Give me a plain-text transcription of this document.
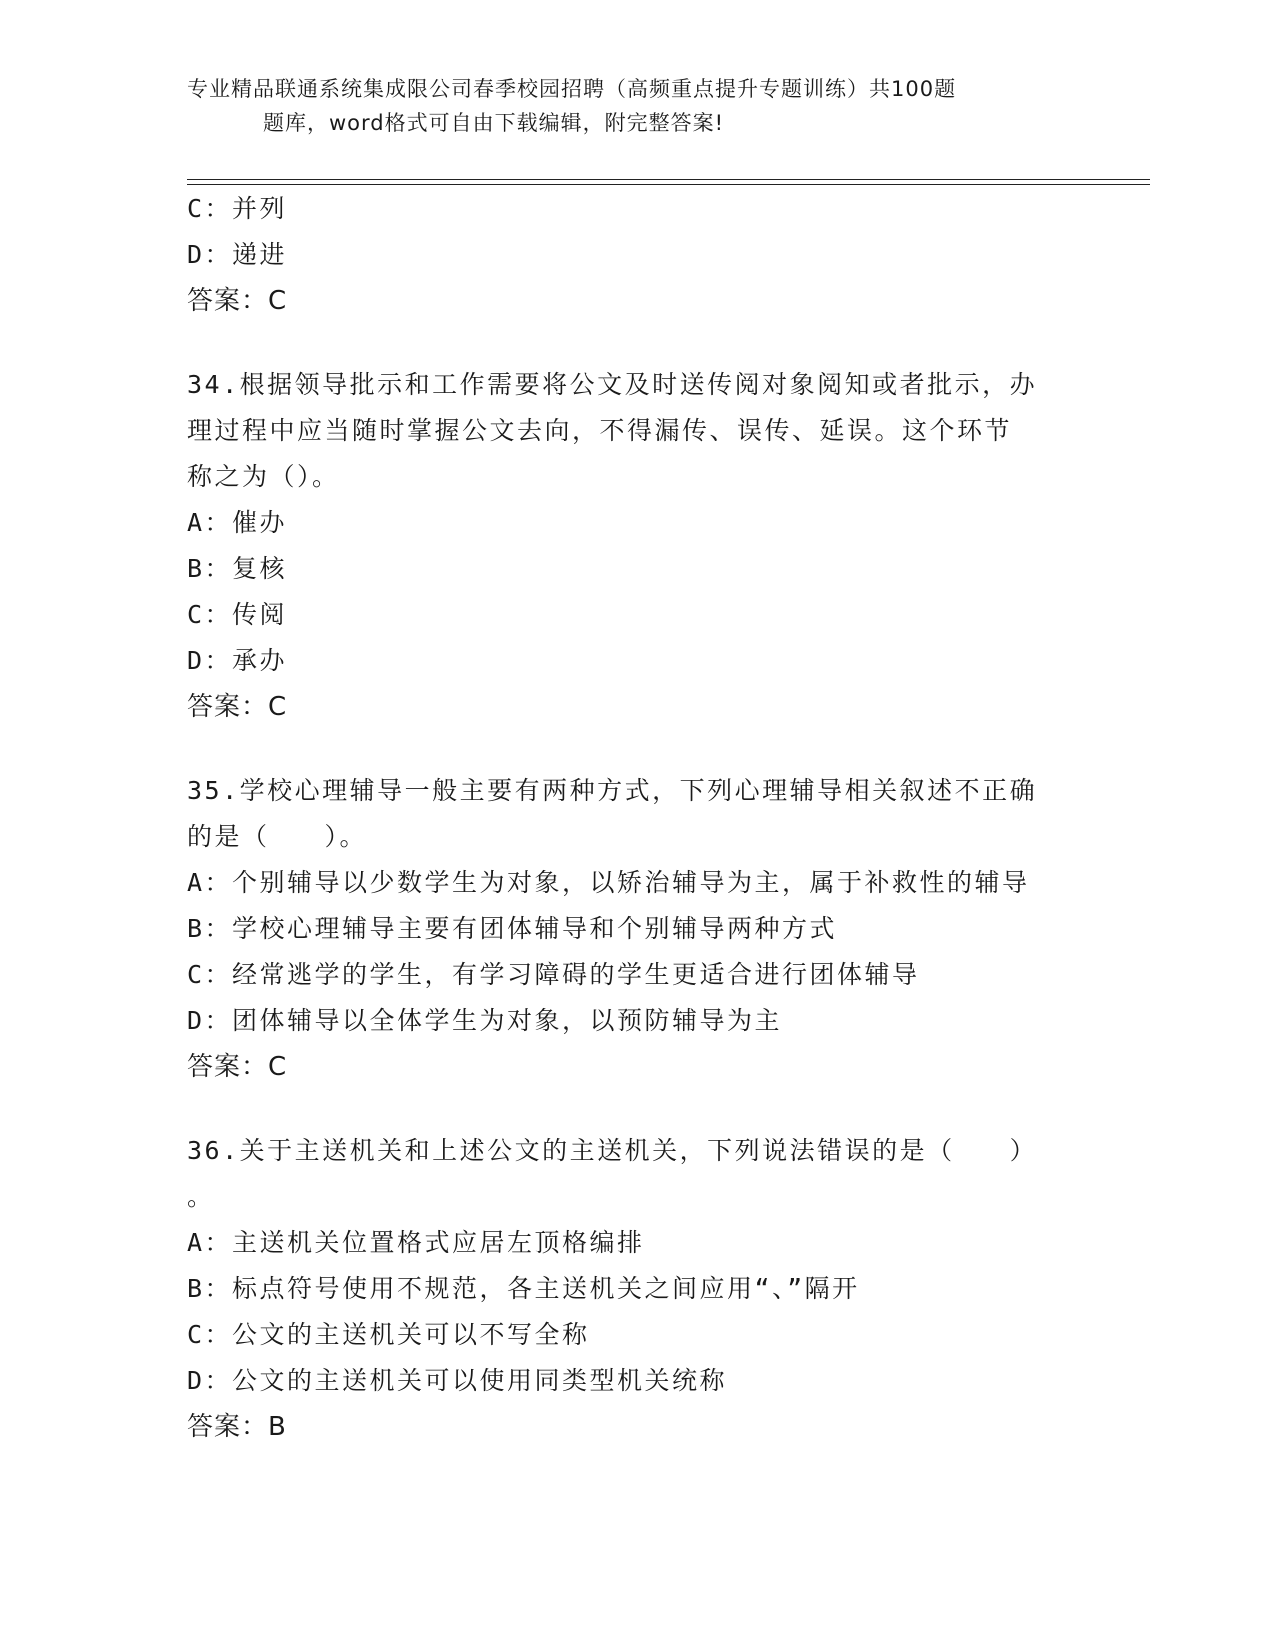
专业精品联通系统集成限公司春季校园招聘（高频重点提升专题训练）共100题
题库，word格式可自由下载编辑，附完整答案!
C：并列
D：递进
答案：C
34.根据领导批示和工作需要将公文及时送传阅对象阅知或者批示，办
理过程中应当随时掌握公文去向，不得漏传、误传、延误。这个环节
称之为（）。
A：催办
B：复核
C：传阅
D：承办
答案：C
35.学校心理辅导一般主要有两种方式，下列心理辅导相关叙述不正确
的是（　　）。
A：个别辅导以少数学生为对象，以矫治辅导为主，属于补救性的辅导
B：学校心理辅导主要有团体辅导和个别辅导两种方式
C：经常逃学的学生，有学习障碍的学生更适合进行团体辅导
D：团体辅导以全体学生为对象，以预防辅导为主
答案：C
36.关于主送机关和上述公文的主送机关，下列说法错误的是（　　）
。
A：主送机关位置格式应居左顶格编排
B：标点符号使用不规范，各主送机关之间应用“、”隔开
C：公文的主送机关可以不写全称
D：公文的主送机关可以使用同类型机关统称
答案：B
